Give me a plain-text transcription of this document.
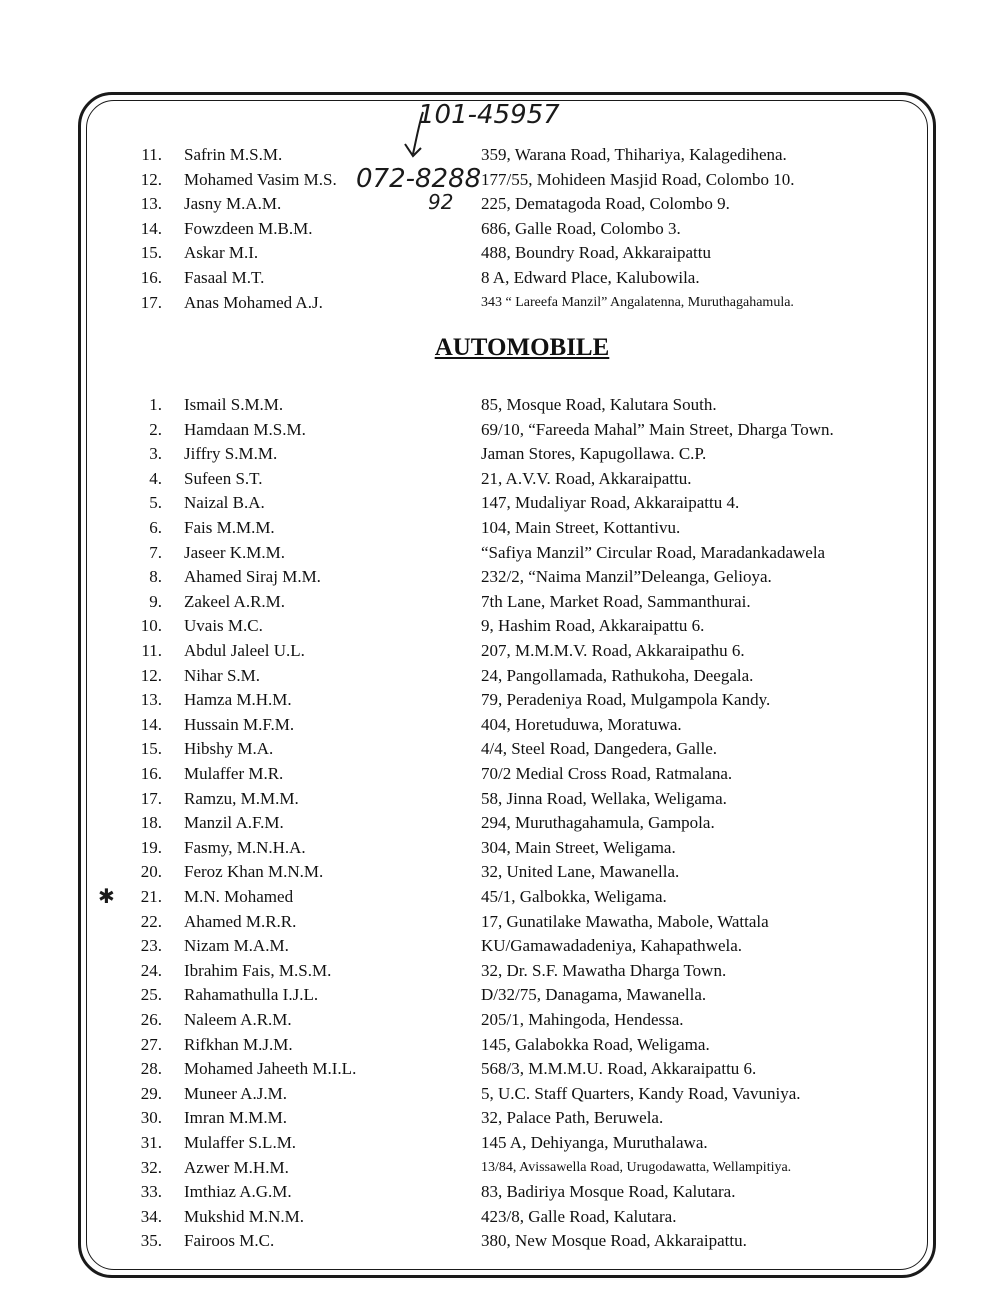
101-45957
072-8288
92
✱
11. Safrin M.S.M.	359, Warana Road, Thihariya, Kalagedihena.
12. Mohamed Vasim M.S.	177/55, Mohideen Masjid Road, Colombo 10.
13. Jasny M.A.M.	225, Dematagoda Road, Colombo 9.
14. Fowzdeen M.B.M.	686, Galle Road, Colombo 3.
15. Askar M.I.	488, Boundry Road, Akkaraipattu
16. Fasaal M.T.	8 A, Edward Place, Kalubowila.
17. Anas Mohamed A.J.	343 “ Lareefa Manzil” Angalatenna, Muruthagahamula.
AUTOMOBILE
1. Ismail S.M.M.	85, Mosque Road, Kalutara South.
2. Hamdaan M.S.M.	69/10, “Fareeda Mahal” Main Street, Dharga Town.
3. Jiffry S.M.M.	Jaman Stores, Kapugollawa. C.P.
4. Sufeen S.T.	21, A.V.V. Road, Akkaraipattu.
5. Naizal B.A.	147, Mudaliyar Road, Akkaraipattu 4.
6. Fais M.M.M.	104, Main Street, Kottantivu.
7. Jaseer K.M.M.	“Safiya Manzil” Circular Road, Maradankadawela
8. Ahamed Siraj M.M.	232/2, “Naima Manzil”Deleanga, Gelioya.
9. Zakeel A.R.M.	7th Lane, Market Road, Sammanthurai.
10. Uvais M.C.	9, Hashim Road, Akkaraipattu 6.
11. Abdul Jaleel U.L.	207, M.M.M.V. Road, Akkaraipathu 6.
12. Nihar S.M.	24, Pangollamada, Rathukoha, Deegala.
13. Hamza M.H.M.	79, Peradeniya Road, Mulgampola Kandy.
14. Hussain M.F.M.	404, Horetuduwa, Moratuwa.
15. Hibshy M.A.	4/4, Steel Road, Dangedera, Galle.
16. Mulaffer M.R.	70/2 Medial Cross Road, Ratmalana.
17. Ramzu, M.M.M.	58, Jinna Road, Wellaka, Weligama.
18. Manzil A.F.M.	294, Muruthagahamula, Gampola.
19. Fasmy, M.N.H.A.	304, Main Street, Weligama.
20. Feroz Khan M.N.M.	32, United Lane, Mawanella.
21. M.N. Mohamed	45/1, Galbokka, Weligama.
22. Ahamed M.R.R.	17, Gunatilake Mawatha, Mabole, Wattala
23. Nizam M.A.M.	KU/Gamawadadeniya, Kahapathwela.
24. Ibrahim Fais, M.S.M.	32, Dr. S.F. Mawatha Dharga Town.
25. Rahamathulla I.J.L.	D/32/75, Danagama, Mawanella.
26. Naleem A.R.M.	205/1, Mahingoda, Hendessa.
27. Rifkhan M.J.M.	145, Galabokka Road, Weligama.
28. Mohamed Jaheeth M.I.L.	568/3, M.M.M.U. Road, Akkaraipattu 6.
29. Muneer A.J.M.	5, U.C. Staff Quarters, Kandy Road, Vavuniya.
30. Imran M.M.M.	32, Palace Path, Beruwela.
31. Mulaffer S.L.M.	145 A, Dehiyanga, Muruthalawa.
32. Azwer M.H.M.	13/84, Avissawella Road, Urugodawatta, Wellampitiya.
33. Imthiaz A.G.M.	83, Badiriya Mosque Road, Kalutara.
34. Mukshid M.N.M.	423/8, Galle Road, Kalutara.
35. Fairoos M.C.	380, New Mosque Road, Akkaraipattu.
